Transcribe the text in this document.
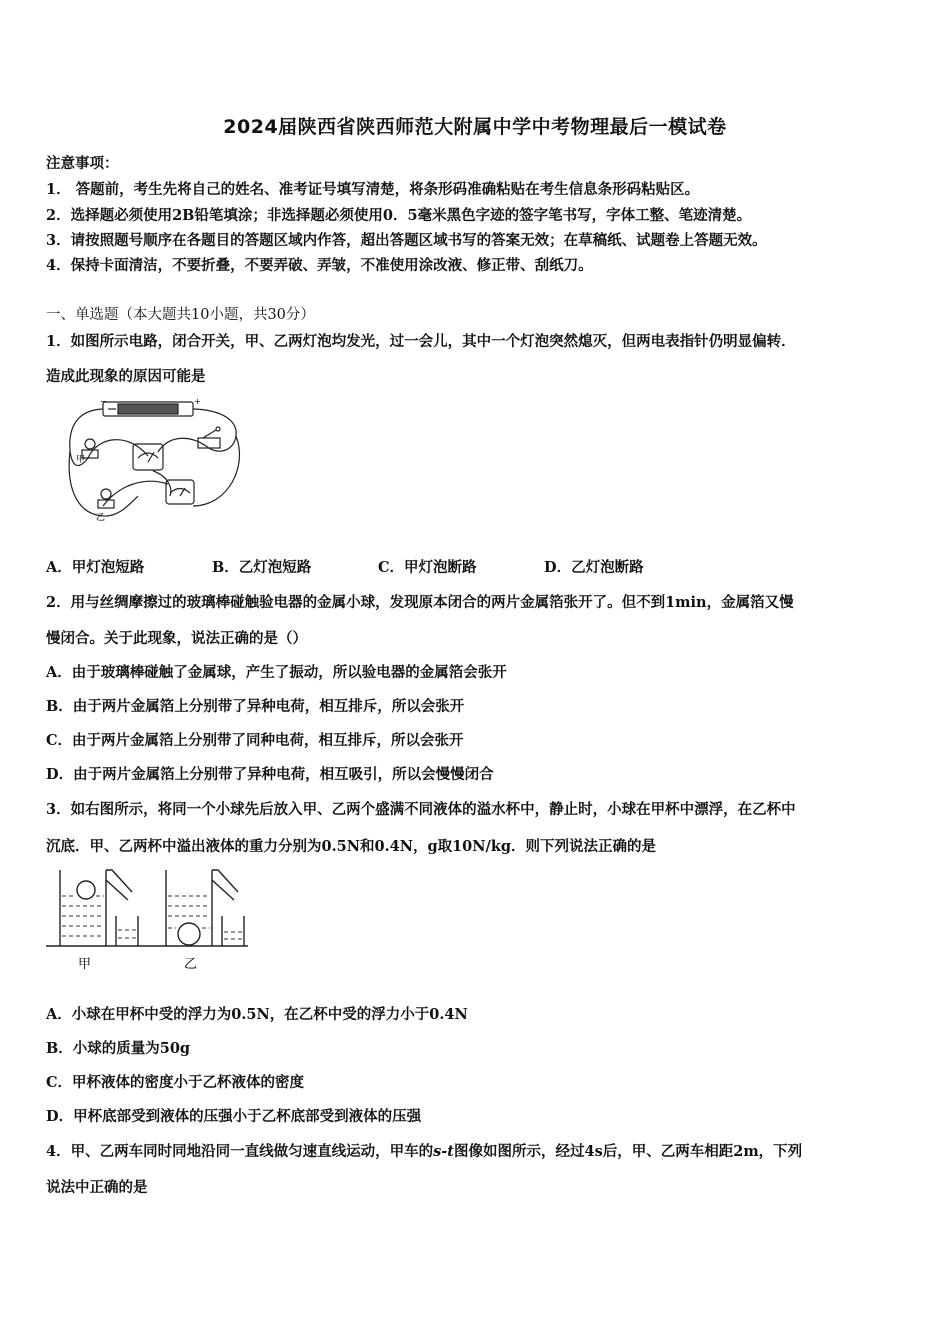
2024届陕西省陕西师范大附属中学中考物理最后一模试卷
注意事项：
1． 答题前，考生先将自己的姓名、准考证号填写清楚，将条形码准确粘贴在考生信息条形码粘贴区。
2．选择题必须使用2B铅笔填涂；非选择题必须使用0．5毫米黑色字迹的签字笔书写，字体工整、笔迹清楚。
3．请按照题号顺序在各题目的答题区域内作答，超出答题区域书写的答案无效；在草稿纸、试题卷上答题无效。
4．保持卡面清洁，不要折叠，不要弄破、弄皱，不准使用涂改液、修正带、刮纸刀。
一、单选题（本大题共10小题，共30分）
1．如图所示电路，闭合开关，甲、乙两灯泡均发光，过一会儿，其中一个灯泡突然熄灭，但两电表指针仍明显偏转．
造成此现象的原因可能是
−	+
甲
乙
A．甲灯泡短路	B．乙灯泡短路	C．甲灯泡断路	D．乙灯泡断路
2．用与丝绸摩擦过的玻璃棒碰触验电器的金属小球，发现原本闭合的两片金属箔张开了。但不到1min，金属箔又慢
慢闭合。关于此现象，说法正确的是（）
A．由于玻璃棒碰触了金属球，产生了振动，所以验电器的金属箔会张开
B．由于两片金属箔上分别带了异种电荷，相互排斥，所以会张开
C．由于两片金属箔上分别带了同种电荷，相互排斥，所以会张开
D．由于两片金属箔上分别带了异种电荷，相互吸引，所以会慢慢闭合
3．如右图所示，将同一个小球先后放入甲、乙两个盛满不同液体的溢水杯中，静止时，小球在甲杯中漂浮，在乙杯中
沉底．甲、乙两杯中溢出液体的重力分别为0.5N和0.4N，g取10N/kg．则下列说法正确的是
甲	乙
A．小球在甲杯中受的浮力为0.5N，在乙杯中受的浮力小于0.4N
B．小球的质量为50g
C．甲杯液体的密度小于乙杯液体的密度
D．甲杯底部受到液体的压强小于乙杯底部受到液体的压强
4．甲、乙两车同时同地沿同一直线做匀速直线运动，甲车的s-t图像如图所示，经过4s后，甲、乙两车相距2m，下列
说法中正确的是
